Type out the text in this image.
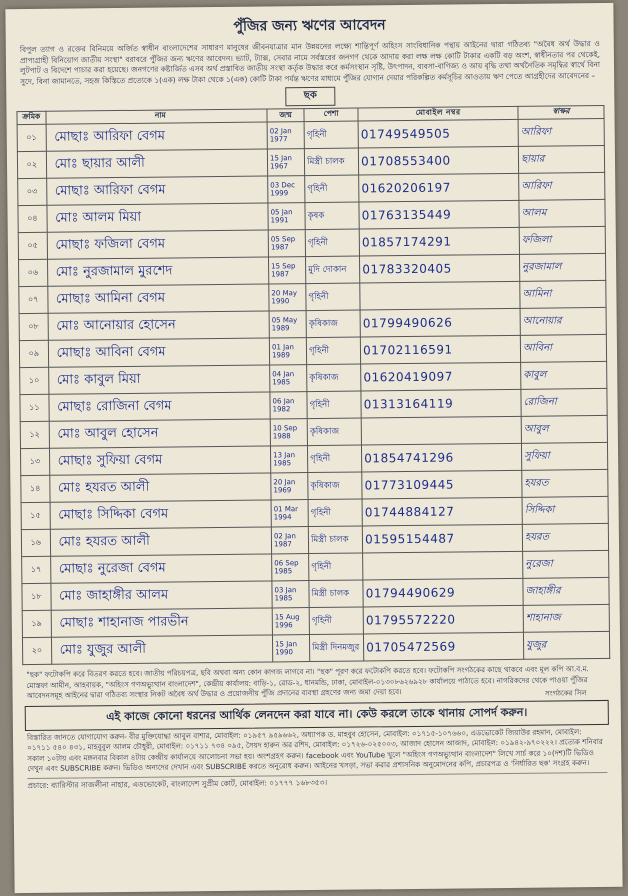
পুঁজির জন্য ঋণের আবেদন
বিপুল ত্যাগ ও রক্তের বিনিময়ে অর্জিত স্বাধীন বাংলাদেশের সাধারণ মানুষের জীবনযাত্রার মান উন্নয়নের লক্ষ্যে শান্তিপূর্ণ অহিংস সাংবিধানিক পন্থায় আইনের দ্বারা গঠিতব্য "অবৈধ অর্থ উদ্ধার ও প্রাপ্যগ্রাহী বিনিয়োগ জাতীয় সংস্থা" বরাবরে পুঁজির জন্য ঋণের আবেদন। ভ্যাট, ট্যাক্স, সেবার নামে সর্বস্তরের জনগণ থেকে আদায় করা লক্ষ লক্ষ কোটি টাকার একটি বড় অংশ, স্বাধীনতার পর থেকেই, লুটপাট ও বিদেশে পাচার করা হয়েছে। জনগণের কষ্টার্জিত এসব অর্থ প্রস্তাবিত জাতীয় সংস্থা কর্তৃক উদ্ধার করে কর্মসংস্থান সৃষ্টি, উৎপাদন, ব্যবসা-বাণিজ্য ও আয় বৃদ্ধি তথা অর্থনৈতিক সমৃদ্ধির স্বার্থে বিনা সুদে, বিনা জামানতে, সহজ কিস্তিতে প্রত্যেকে ১(এক) লক্ষ টাকা থেকে ১(এক) কোটি টাকা পর্যন্ত ঋণের মাধ্যমে পুঁজির যোগান দেয়ার পরিকল্পিত কর্মসূচির আওতায় ঋণ পেতে আগ্রহীদের আবেদনের –
ছক
ক্রমিক	নাম	জন্ম	পেশা	মোবাইল নম্বর	স্বাক্ষর
০১	মোছাঃ আরিফা বেগম	02 Jan 1977	গৃহিনী	01749549505	আরিফা
০২	মোঃ ছায়ার আলী	15 Jan 1967	মিস্ত্রী চালক	01708553400	ছায়ার
০৩	মোছাঃ আরিফা বেগম	03 Dec 1999	গৃহিনী	01620206197	আরিফা
০৪	মোঃ আলম মিয়া	05 Jan 1991	কৃষক	01763135449	আলম
০৫	মোছাঃ ফজিলা বেগম	05 Sep 1987	গৃহিনী	01857174291	ফজিলা
০৬	মোঃ নুরজামাল মুরশেদ	15 Sep 1987	মুদি দোকান	01783320405	নুরজামাল
০৭	মোছাঃ আমিনা বেগম	20 May 1990	গৃহিনী		আমিনা
০৮	মোঃ আনোয়ার হোসেন	05 May 1989	কৃষিকাজ	01799490626	আনোয়ার
০৯	মোছাঃ আবিনা বেগম	01 Jan 1989	গৃহিনী	01702116591	আবিনা
১০	মোঃ কাবুল মিয়া	04 Jan 1985	কৃষিকাজ	01620419097	কাবুল
১১	মোছাঃ রোজিনা বেগম	06 Jan 1982	গৃহিনী	01313164119	রোজিনা
১২	মোঃ আবুল হোসেন	10 Sep 1988	কৃষিকাজ		আবুল
১৩	মোছাঃ সুফিয়া বেগম	13 Jan 1985	গৃহিনী	01854741296	সুফিয়া
১৪	মোঃ হযরত আলী	20 Jan 1969	কৃষিকাজ	01773109445	হযরত
১৫	মোছাঃ সিদ্দিকা বেগম	01 Mar 1994	গৃহিনী	01744884127	সিদ্দিকা
১৬	মোঃ হযরত আলী	02 Jan 1987	মিস্ত্রী চালক	01595154487	হযরত
১৭	মোছাঃ নুরেজা বেগম	06 Sep 1985	গৃহিনী		নুরেজা
১৮	মোঃ জাহাঙ্গীর আলম	03 Jan 1985	মিস্ত্রী চালক	01794490629	জাহাঙ্গীর
১৯	মোছাঃ শাহানাজ পারভীন	15 Aug 1996	গৃহিনী	01795572220	শাহানাজ
২০	মোঃ যুজুর আলী	15 Jan 1990	মিস্ত্রী দিনমজুর	01705472569	যুজুর
"ছক" ফটোকপি করে বিতরণ করতে হবে। জাতীয় পরিচয়পত্র, ছবি অথবা অন্য কোন কাগজ লাগবে না। "ছক" পূরণ করে ফটোকপি করতে হবে। ফটোকপি সংগঠকের কাছে থাকবে এবং মূল কপি আ.ব.ম. মোস্তফা আমীন, আহবায়ক, "অহিংস গণঅভ্যুত্থান বাংলাদেশ", কেন্দ্রীয় কার্যালয়: বাড়ি-১, রোড-২, ধানমন্ডি, ঢাকা, মোবাইল-০১৩০৮৬২৬৯২৮ কার্যালয়ে পাঠাতে হবে। নাগরিকদের থেকে পাওয়া পুঁজির আবেদনসমূহ আইনের দ্বারা গঠিতব্য সংস্থার নিকট অবৈধ অর্থ উদ্ধার ও প্রয়োজনীয় পুঁজি প্রদানের ব্যবস্থা গ্রহণের জন্য জমা দেয়া হবে।	সংগঠকের সিল
এই কাজে কোনো ধরনের আর্থিক লেনদেন করা যাবে না। কেউ করলে তাকে থানায় সোপর্দ করুন।
বিস্তারিত জানতে যোগাযোগ করুন- বীর মুক্তিযোদ্ধা আবুল বাশার, মোবাইল: ০১৯৫৭ ৯৫৯৬৬২, অধ্যাপক ড. মাহবুব হোসেন, মোবাইল: ০১৭১৫-১০৭৬৬০, এডভোকেট জিয়াউর রহমান, মোবাইল: ০১৭১১ ৫৪০ ৪৩১, মাহবুবুল আলম চৌধুরী, মোবাইল: ০১৭১১ ৭৩৪ ০৯৫, সৈয়দ হারুন অর রশিদ, মোবাইল: ০১৭২৬-০২৫০০৩, আজাদ হোসেন আজাদ, মোবাইল: ০১৯৪২-৯৭০২২২। প্রত্যেক শনিবার সকাল ১০টায় এবং মঙ্গলবার বিকাল ৪টায় কেন্দ্রীয় কার্যালয়ে আলোচনা সভা হয়। অংশগ্রহণ করুন। facebook এবং YouTube খুলে "অহিংস গণঅভ্যুত্থান বাংলাদেশ" লিখে সার্চ করে ১০(দশ)টি ভিডিও দেখুন এবং SUBSCRIBE করুন। ভিডিও অন্যদের দেখান এবং SUBSCRIBE করতে অনুরোধ করুন। আইনের খসড়া, সভা করার প্রশাসনিক অনুমোদনের কপি, প্রচারপত্র ও 'নির্ধারিত ছক' সংগ্রহ করুন।
প্রচারে: ব্যারিস্টার সাজলীনা নাহার, এডভোকেট, বাংলাদেশ সুপ্রীম কোর্ট, মোবাইল: ০১৭৭৭ ১৬৮৩৫৩।
